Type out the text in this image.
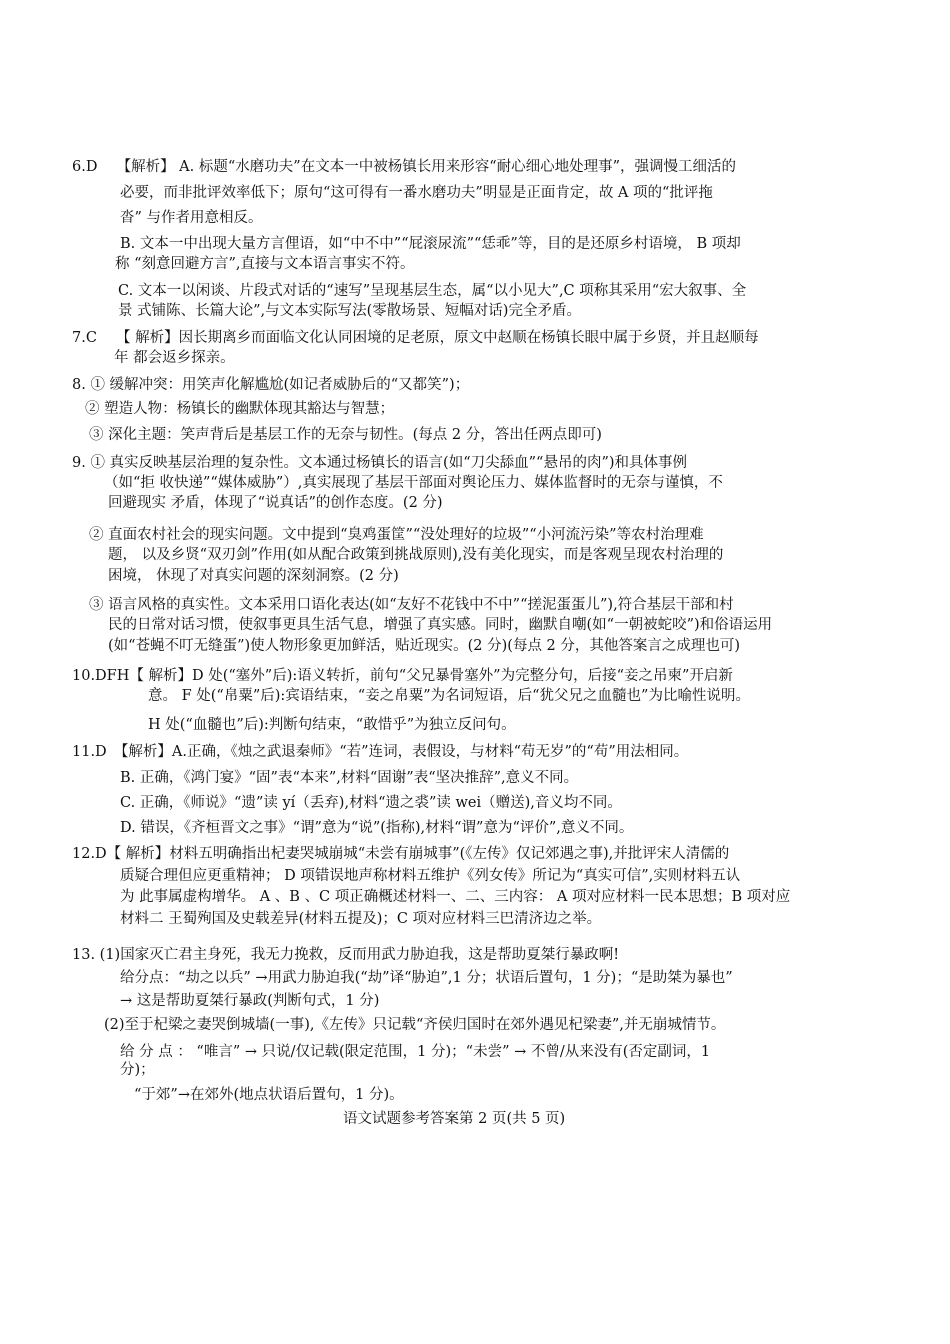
6.D　 【解析】 A. 标题“水磨功夫”在文本一中被杨镇长用来形容“耐心细心地处理事”，强调慢工细活的
必要，而非批评效率低下；原句“这可得有一番水磨功夫”明显是正面肯定，故 A 项的“批评拖
沓” 与作者用意相反。
B. 文本一中出现大量方言俚语，如“中不中”“屁滚尿流”“恁乖”等，目的是还原乡村语境， B 项却
称 “刻意回避方言”,直接与文本语言事实不符。
C. 文本一以闲谈、片段式对话的“速写”呈现基层生态，属“以小见大”,C 项称其采用“宏大叙事、全
景 式铺陈、长篇大论”,与文本实际写法(零散场景、短幅对话)完全矛盾。
7.C　 【 解析】因长期离乡而面临文化认同困境的足老原，原文中赵顺在杨镇长眼中属于乡贤，并且赵顺每
年 都会返乡探亲。
8. ① 缓解冲突：用笑声化解尴尬(如记者威胁后的“又都笑”)；
② 塑造人物：杨镇长的幽默体现其豁达与智慧；
③ 深化主题：笑声背后是基层工作的无奈与韧性。(每点 2 分，答出任两点即可)
9. ① 真实反映基层治理的复杂性。文本通过杨镇长的语言(如“刀尖舔血”“悬吊的肉”)和具体事例
（如“拒 收快递”“媒体威胁”）,真实展现了基层干部面对舆论压力、媒体监督时的无奈与谨慎，不
回避现实 矛盾，体现了“说真话”的创作态度。(2 分)
② 直面农村社会的现实问题。文中提到“臭鸡蛋筐”“没处理好的垃圾”“小河流污染”等农村治理难
题， 以及乡贤“双刃剑”作用(如从配合政策到挑战原则),没有美化现实，而是客观呈现农村治理的
困境， 休现了对真实问题的深刻洞察。(2 分)
③ 语言风格的真实性。文本采用口语化表达(如“友好不花钱中不中”“搓泥蛋蛋儿”),符合基层干部和村
民的日常对话习惯，使叙事更具生活气息，增强了真实感。同时，幽默自嘲(如“一朝被蛇咬”)和俗语运用
(如“苍蝇不叮无缝蛋”)使人物形象更加鲜活，贴近现实。(2 分)(每点 2 分，其他答案言之成理也可)
10.DFH【 解析】D 处(“塞外”后):语义转折，前句“父兄暴骨塞外”为完整分句，后接“妾之吊柬”开启新
意。 F 处(“帛粟”后):宾语结束，“妾之帛粟”为名词短语，后“犹父兄之血髓也”为比喻性说明。
H 处(“血髓也”后):判断句结束，“敢惜乎”为独立反问句。
11.D　【解析】A.正确，《烛之武退秦师》“若”连词，表假设，与材料“苟无岁”的“苟”用法相同。
B. 正确，《鸿门宴》“固”表“本来”,材料“固谢”表“坚决推辞”,意义不同。
C. 正确，《师说》“遗”读 yí（丢弃),材料“遗之裘”读 wei（赠送),音义均不同。
D. 错误，《齐桓晋文之事》“谓”意为“说”(指称),材料“谓”意为“评价”,意义不同。
12.D【 解析】材料五明确指出杞妻哭城崩城“未尝有崩城事”(《左传》仅记郊遇之事),并批评宋人清儒的
质疑合理但应更重精神； D 项错误地声称材料五维护《列女传》所记为“真实可信”,实则材料五认
为 此事属虚构增华。 A 、B 、C 项正确概述材料一、二、三内容： A 项对应材料一民本思想；B 项对应
材料二 王蜀殉国及史载差异(材料五提及)；C 项对应材料三巴清济边之举。
13. (1)国家灭亡君主身死，我无力挽救，反而用武力胁迫我，这是帮助夏桀行暴政啊!
给分点：“劫之以兵” →用武力胁迫我(“劫”译“胁迫”,1 分；状语后置句，1 分)；“是助桀为暴也”
→ 这是帮助夏桀行暴政(判断句式，1 分)
(2)至于杞梁之妻哭倒城墙(一事),《左传》只记载“齐侯归国时在郊外遇见杞梁妻”,并无崩城情节。
给 分 点 ： “唯言” → 只说/仅记载(限定范围，1 分)；“未尝” → 不曾/从来没有(否定副词，1
分)；
“于郊”→在郊外(地点状语后置句，1 分)。
语文试题参考答案第 2 页(共 5 页)
